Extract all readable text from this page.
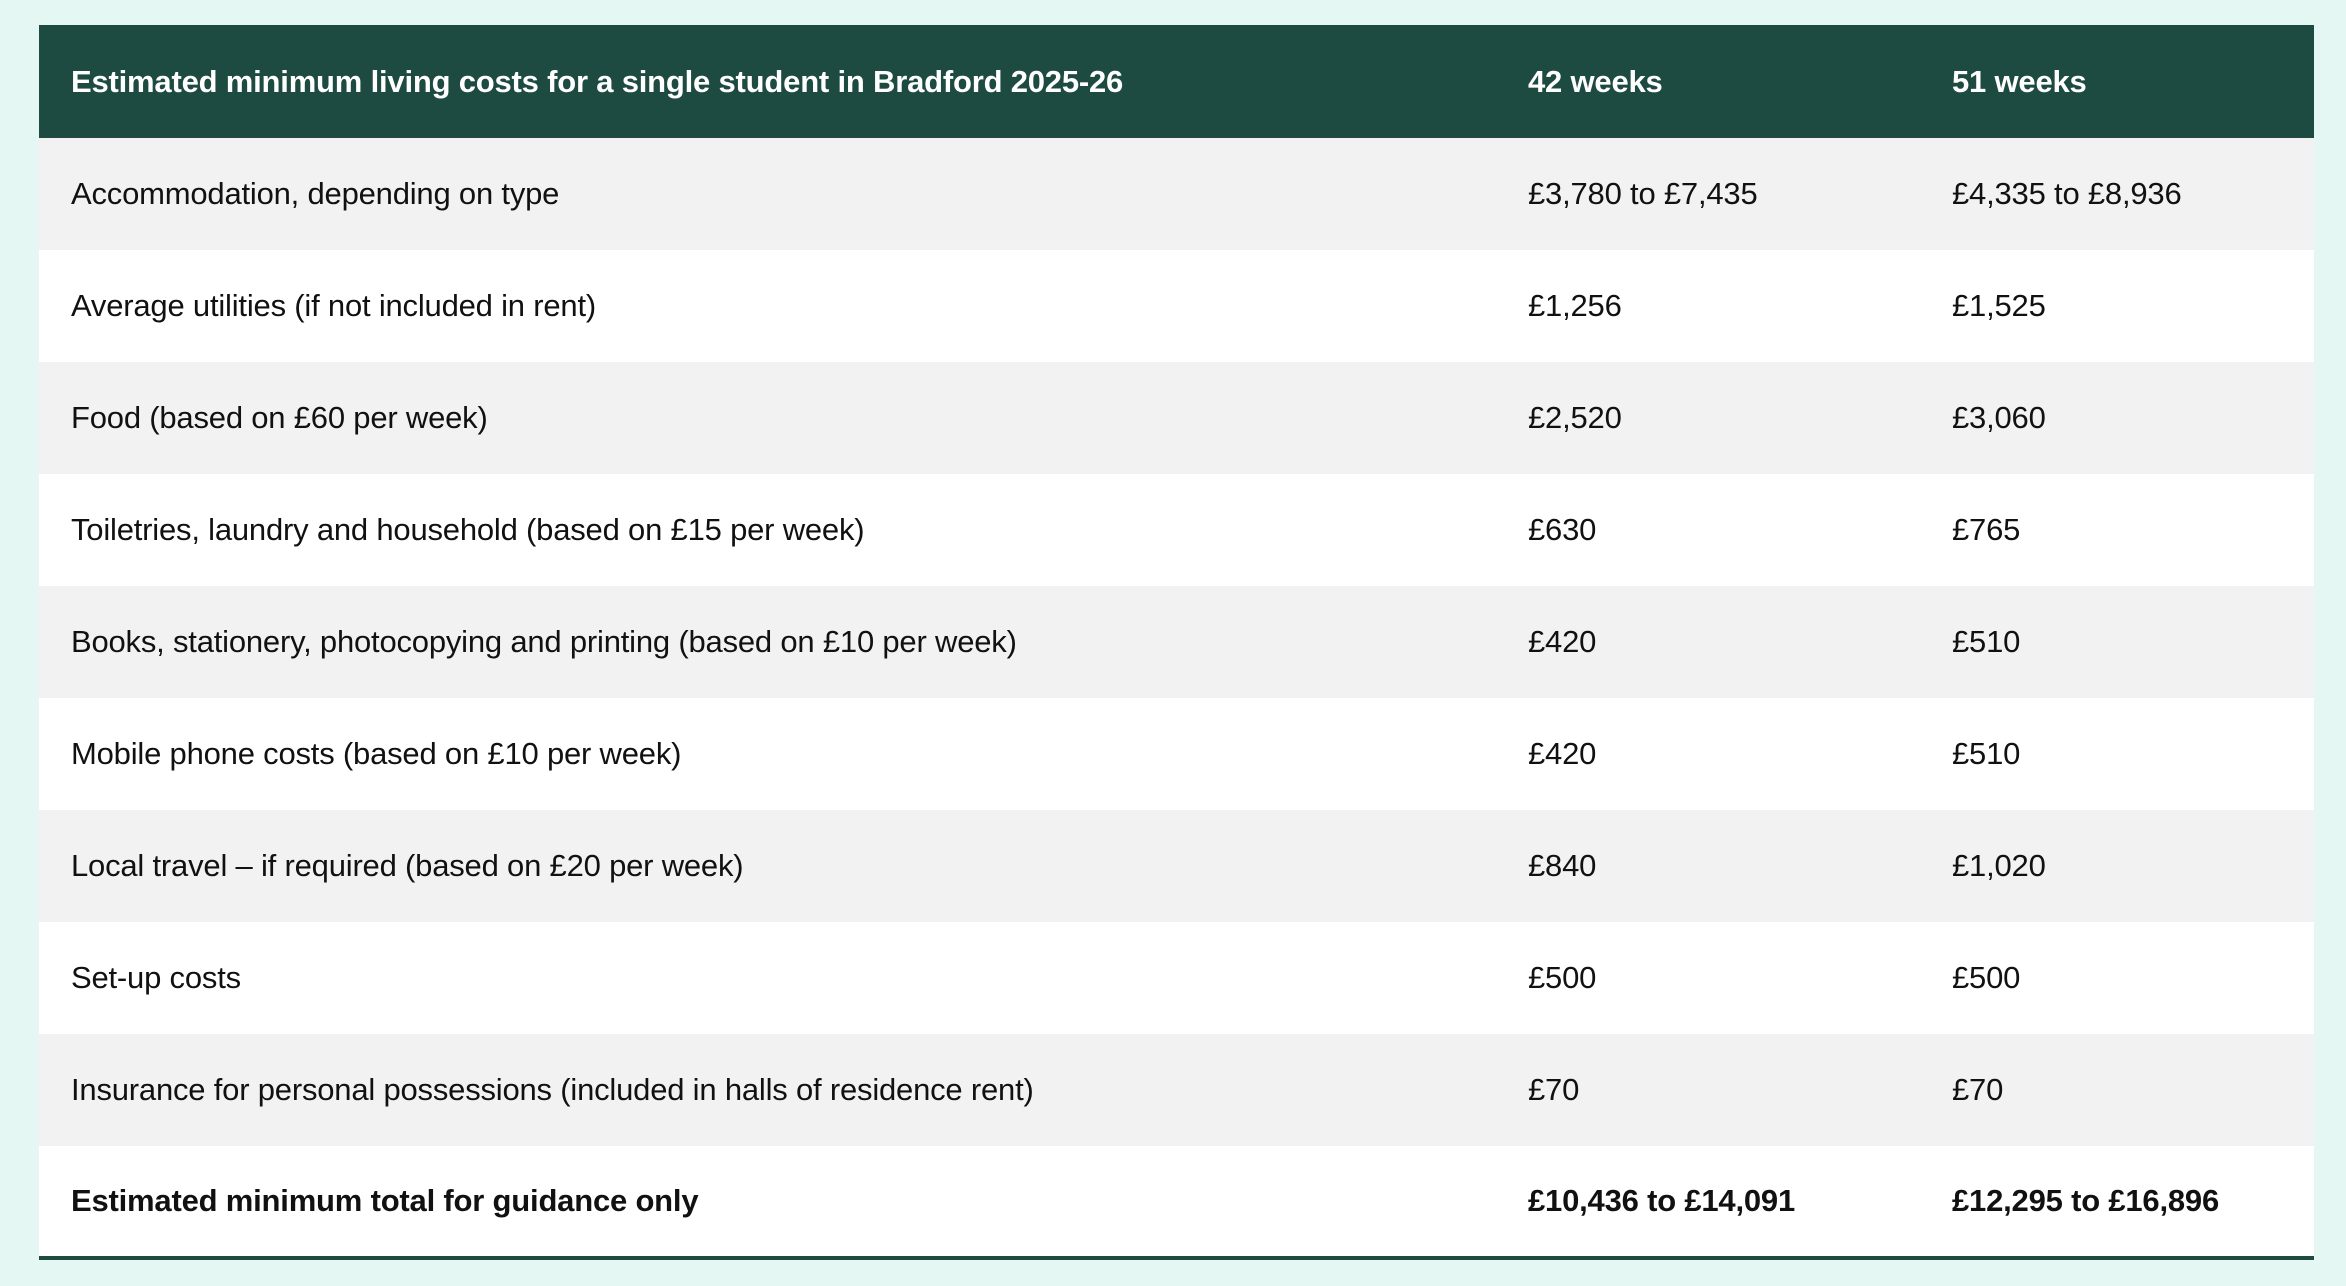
Estimated minimum living costs for a single student in Bradford 2025-26	42 weeks	51 weeks
Accommodation, depending on type	£3,780 to £7,435	£4,335 to £8,936
Average utilities (if not included in rent)	£1,256	£1,525
Food (based on £60 per week)	£2,520	£3,060
Toiletries, laundry and household (based on £15 per week)	£630	£765
Books, stationery, photocopying and printing (based on £10 per week)	£420	£510
Mobile phone costs (based on £10 per week)	£420	£510
Local travel – if required (based on £20 per week)	£840	£1,020
Set-up costs	£500	£500
Insurance for personal possessions (included in halls of residence rent)	£70	£70
Estimated minimum total for guidance only	£10,436 to £14,091	£12,295 to £16,896
